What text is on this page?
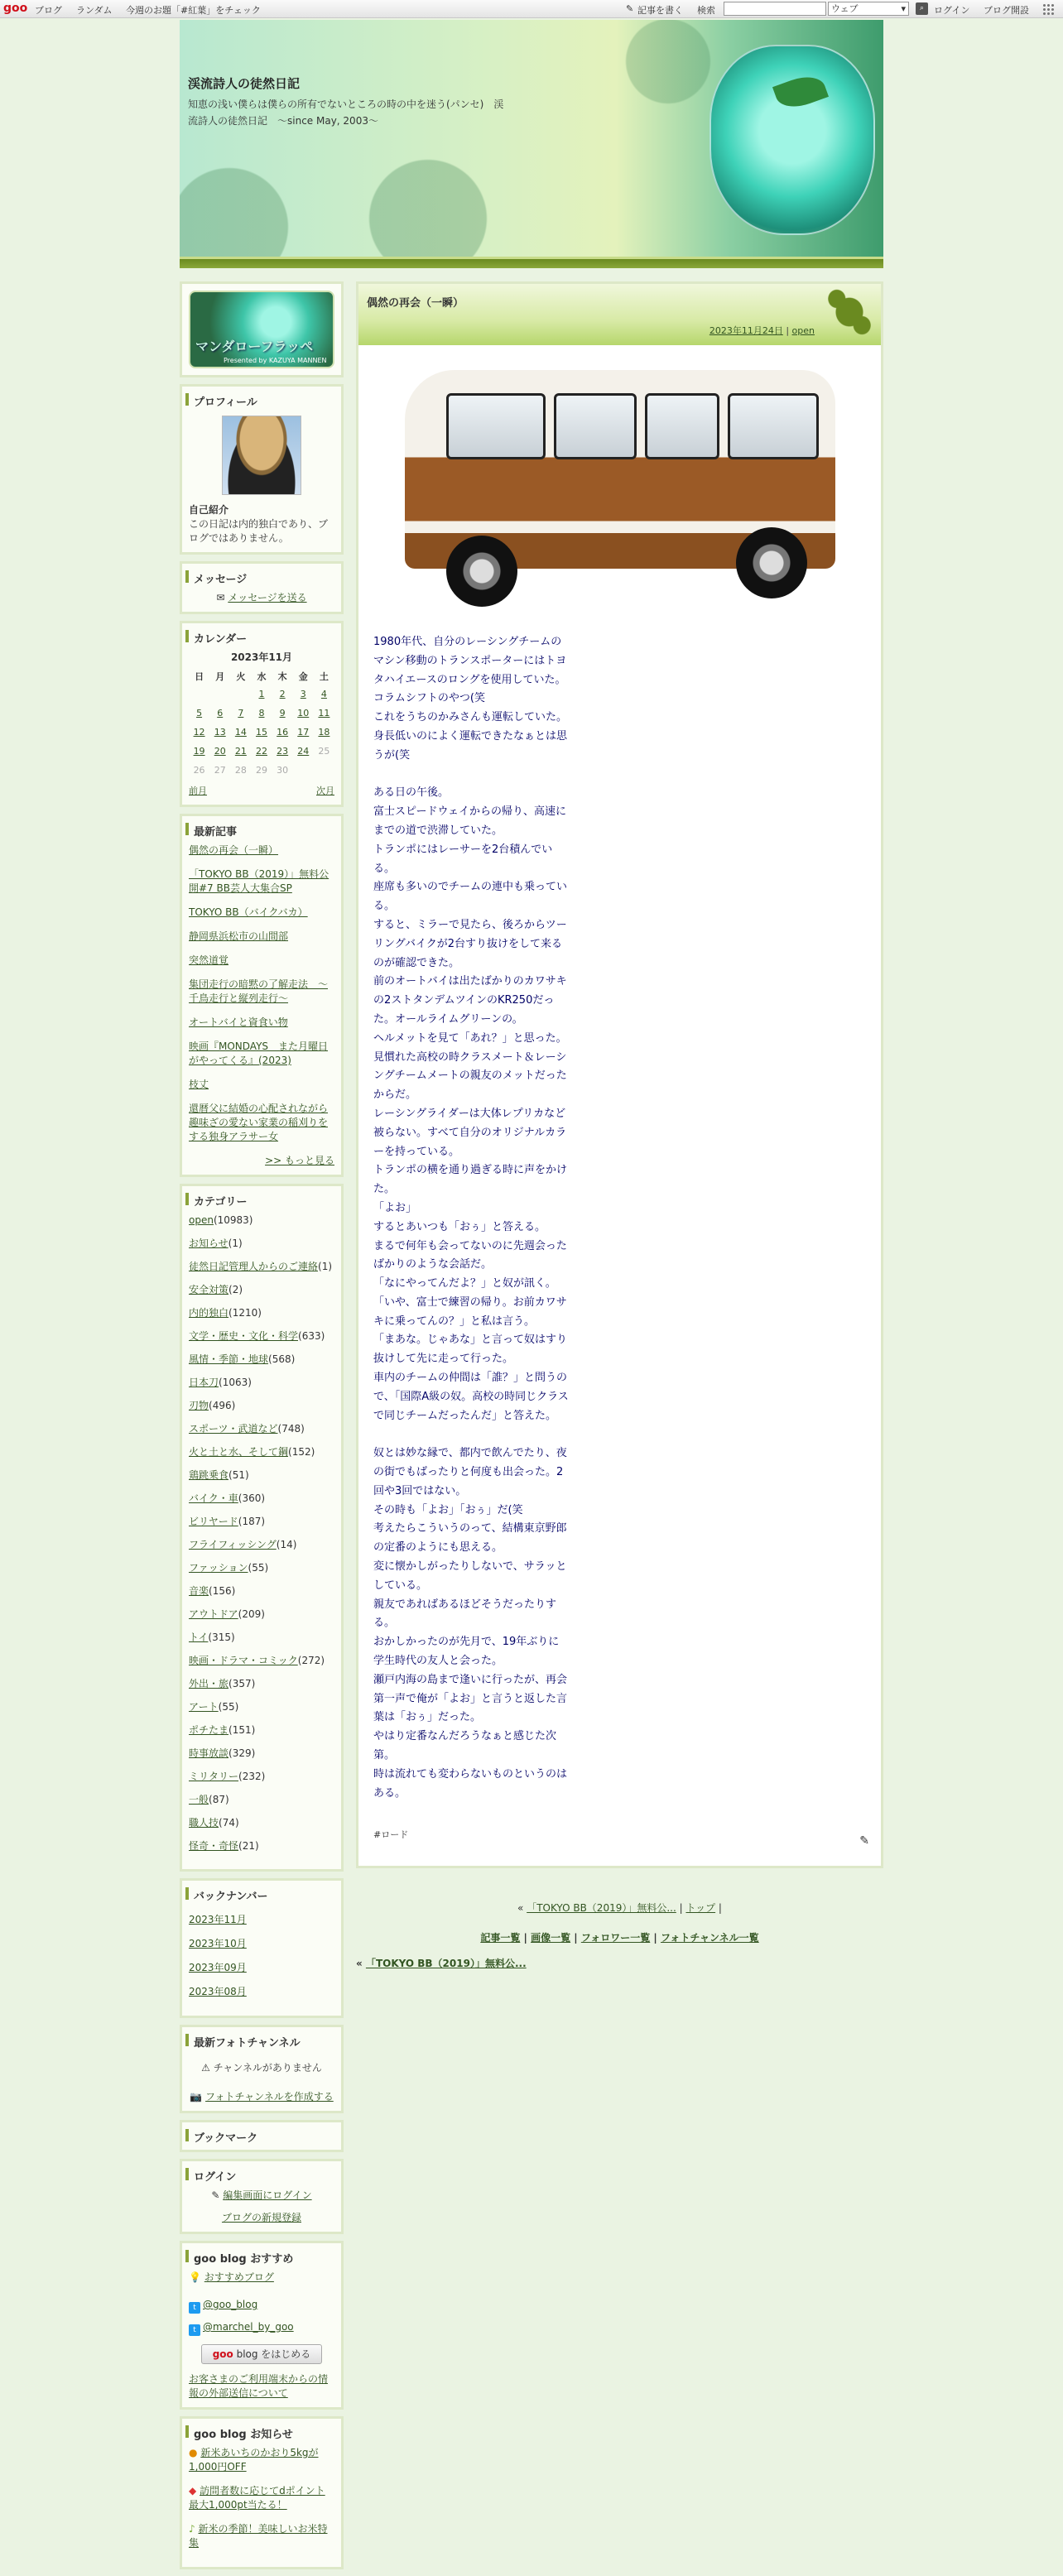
goo ブログ ランダム 今週のお題「#紅葉」をチェック	✎ 記事を書く 検索	ウェブ	▾	⌕	ログイン ブログ開設
渓流詩人の徒然日記
知恵の浅い僕らは僕らの所有でないところの時の中を迷う(パンセ)　渓流詩人の徒然日記　～since May, 2003～
マンダローフラッペ
Presented by KAZUYA MANNEN
プロフィール
自己紹介
この日記は内的独白であり、ブログではありません。
メッセージ
✉ メッセージを送る
カレンダー
2023年11月
日	月	火	水	木	金	土
			1	2	3	4
5	6	7	8	9	10	11
12	13	14	15	16	17	18
19	20	21	22	23	24	25
26	27	28	29	30		
前月	次月
最新記事
偶然の再会（一瞬）
「TOKYO BB（2019）」無料公開#7 BB芸人大集合SP
TOKYO BB（バイクバカ）
静岡県浜松市の山間部
突然道覚
集団走行の暗黙の了解走法　～千鳥走行と縦列走行～
オートバイと資食い物
映画『MONDAYS　また月曜日がやってくる』(2023)
枝丈
還暦父に結婚の心配されながら趣味ざの愛ない家業の稲刈りをする独身アラサー女
>> もっと見る
カテゴリー
open(10983)
お知らせ(1)
徒然日記管理人からのご連絡(1)
安全対策(2)
内的独白(1210)
文学・歴史・文化・科学(633)
風情・季節・地球(568)
日本刀(1063)
刃物(496)
スポーツ・武道など(748)
火と土と水、そして鋼(152)
鶏跳乗食(51)
バイク・車(360)
ビリヤード(187)
フライフィッシング(14)
ファッション(55)
音楽(156)
アウトドア(209)
トイ(315)
映画・ドラマ・コミック(272)
外出・旅(357)
アート(55)
ポチたま(151)
時事放談(329)
ミリタリー(232)
一般(87)
職人技(74)
怪奇・奇怪(21)
バックナンバー
2023年11月
2023年10月
2023年09月
2023年08月
最新フォトチャンネル
⚠ チャンネルがありません
📷 フォトチャンネルを作成する
ブックマーク
ログイン
✎ 編集画面にログイン
ブログの新規登録
goo blog おすすめ
💡 おすすめブログ
t @goo_blog
t @marchel_by_goo
goo blog をはじめる
お客さまのご利用端末からの情報の外部送信について
goo blog お知らせ
● 新米あいちのかおり5kgが1,000円OFF
◆ 訪問者数に応じてdポイント最大1,000pt当たる！
♪ 新米の季節！美味しいお米特集
偶然の再会（一瞬）
2023年11月24日 | open

1980年代、自分のレーシングチームのマシン移動のトランスポーターにはトヨタハイエースのロングを使用していた。コラムシフトのやつ(笑

これをうちのかみさんも運転していた。身長低いのによく運転できたなぁとは思うが(笑

ある日の午後。

富士スピードウェイからの帰り、高速にまでの道で渋滞していた。

トランポにはレーサーを2台積んでいる。

座席も多いのでチームの連中も乗っている。

すると、ミラーで見たら、後ろからツーリングバイクが2台すり抜けをして来るのが確認できた。

前のオートバイは出たばかりのカワサキの2ストタンデムツインのKR250だった。オールライムグリーンの。

ヘルメットを見て「あれ？」と思った。

見慣れた高校の時クラスメート＆レーシングチームメートの親友のメットだったからだ。

レーシングライダーは大体レプリカなど被らない。すべて自分のオリジナルカラーを持っている。

トランポの横を通り過ぎる時に声をかけた。

「よお」

するとあいつも「おぅ」と答える。

まるで何年も会ってないのに先週会ったばかりのような会話だ。

「なにやってんだよ？」と奴が訊く。

「いや、富士で練習の帰り。お前カワサキに乗ってんの？」と私は言う。

「まあな。じゃあな」と言って奴はすり抜けして先に走って行った。

車内のチームの仲間は「誰？」と問うので、「国際A級の奴。高校の時同じクラスで同じチームだったんだ」と答えた。

奴とは妙な縁で、都内で飲んでたり、夜の街でもばったりと何度も出会った。2回や3回ではない。

その時も「よお」「おぅ」だ(笑

考えたらこういうのって、結構東京野郎の定番のようにも思える。

変に懐かしがったりしないで、サラッとしている。

親友であればあるほどそうだったりする。

おかしかったのが先月で、19年ぶりに学生時代の友人と会った。

瀬戸内海の島まで逢いに行ったが、再会第一声で俺が「よお」と言うと返した言葉は「おぅ」だった。

やはり定番なんだろうなぁと感じた次第。

時は流れても変わらないものというのはある。

#ロード	✎
« 「TOKYO BB（2019）」無料公... | トップ |
記事一覧 | 画像一覧 | フォロワー一覧 | フォトチャンネル一覧
« 「TOKYO BB（2019）」無料公...
